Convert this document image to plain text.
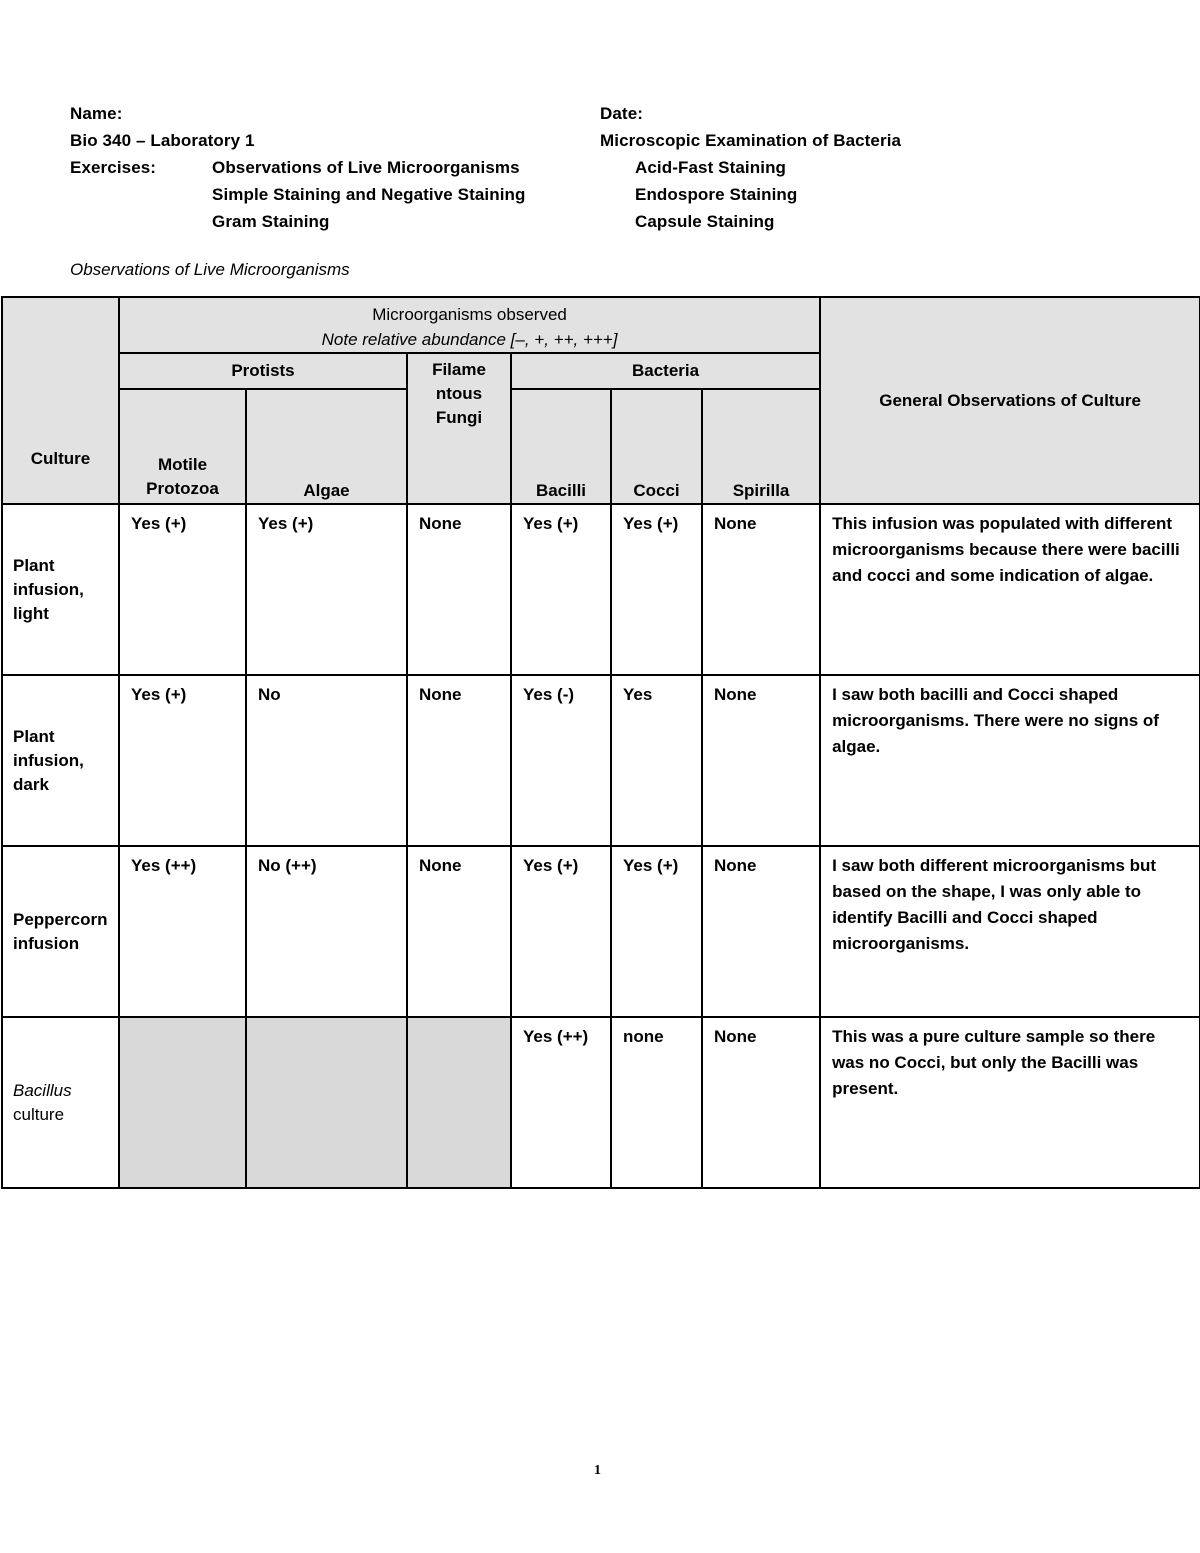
Name:
Bio 340 – Laboratory 1
Exercises:	Observations of Live Microorganisms
Simple Staining and Negative Staining
Gram Staining
Date:
Microscopic Examination of Bacteria
Acid-Fast Staining
Endospore Staining
Capsule Staining
Observations of Live Microorganisms
Culture	Microorganisms observed
Note relative abundance [–, +, ++, +++]						General Observations of Culture
	Protists		Filame ntous Fungi	Bacteria			
	Motile Protozoa	Algae		Bacilli	Cocci	Spirilla	
Plant infusion, light	Yes (+)	Yes (+)	None	Yes (+)	Yes (+)	None	This infusion was populated with different microorganisms because there were bacilli and cocci and some indication of algae.
Plant infusion, dark	Yes (+)	No	None	Yes (-)	Yes	None	I saw both bacilli and Cocci shaped microorganisms. There were no signs of algae.
Peppercorn infusion	Yes (++)	No (++)	None	Yes (+)	Yes (+)	None	I saw both different microorganisms but based on the shape, I was only able to identify Bacilli and Cocci shaped microorganisms.

Bacillus
culture				Yes (++)	none	None	This was a pure culture sample so there was no Cocci, but only the Bacilli was present.
1
